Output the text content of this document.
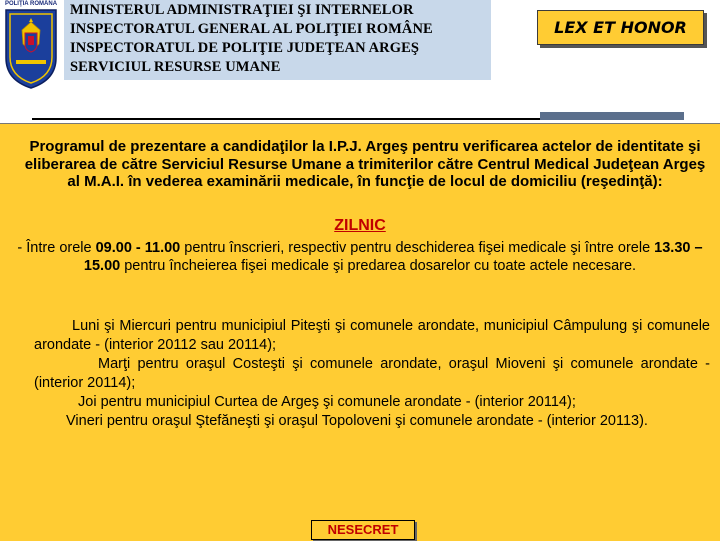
POLIŢIA ROMÂNĂ MINISTERUL ADMINISTRAŢIEI ŞI INTERNELOR
INSPECTORATUL GENERAL AL POLIŢIEI ROMÂNE
INSPECTORATUL DE POLIŢIE JUDEŢEAN ARGEŞ
SERVICIUL RESURSE UMANE
LEX ET HONOR
Programul de prezentare a candidaţilor la I.P.J. Argeş pentru verificarea actelor de identitate şi eliberarea de către Serviciul Resurse Umane a trimiterilor către Centrul Medical Judeţean Argeş al M.A.I. în vederea examinării medicale, în funcţie de locul de domiciliu (reşedinţă):
ZILNIC
- Între orele 09.00 - 11.00 pentru înscrieri, respectiv pentru deschiderea fişei medicale şi între orele 13.30 – 15.00 pentru încheierea fişei medicale şi predarea dosarelor cu toate actele necesare.

Luni şi Miercuri pentru municipiul Piteşti şi comunele arondate, municipiul Câmpulung şi comunele arondate - (interior 20112 sau 20114);

Marţi pentru oraşul Costeşti şi comunele arondate, oraşul Mioveni şi comunele arondate - (interior 20114);

Joi pentru municipiul Curtea de Argeş şi comunele arondate - (interior 20114);

Vineri pentru oraşul Ştefăneşti şi oraşul Topoloveni şi comunele arondate - (interior 20113).

NESECRET
